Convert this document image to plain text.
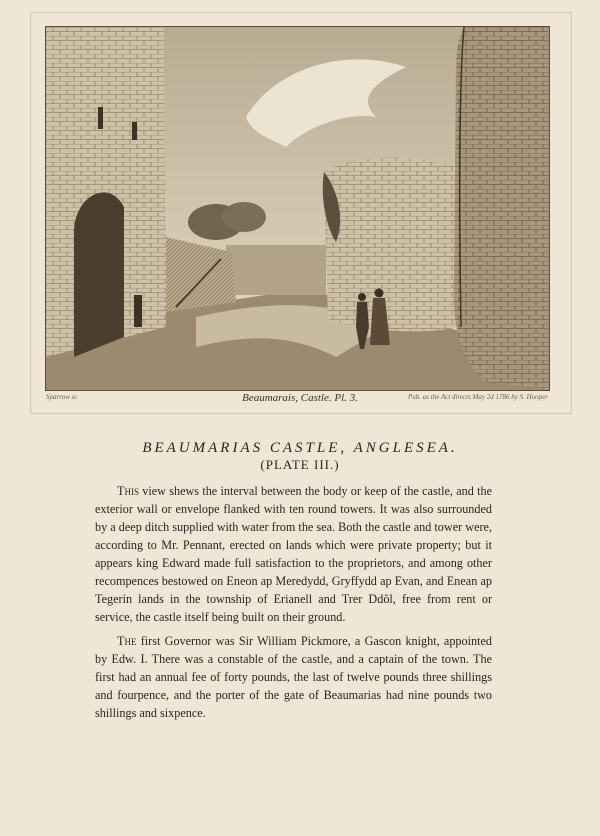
Sparrow sc	Beaumarais, Castle. Pl. 3.	Pub. as the Act directs May 2d 1786 by S. Hooper
BEAUMARIAS CASTLE, ANGLESEA.
(PLATE III.)

This view shews the interval between the body or keep of the castle, and the exterior wall or envelope flanked with ten round towers. It was also surrounded by a deep ditch supplied with water from the sea. Both the castle and tower were, according to Mr. Pennant, erected on lands which were private property; but it appears king Edward made full satisfaction to the proprietors, and among other recompences bestowed on Eneon ap Meredydd, Gryffydd ap Evan, and Enean ap Tegerin lands in the township of Erianell and Trer Ddôl, free from rent or service, the castle itself being built on their ground.

The first Governor was Sir William Pickmore, a Gascon knight, appointed by Edw. I. There was a constable of the castle, and a captain of the town. The first had an annual fee of forty pounds, the last of twelve pounds three shillings and fourpence, and the porter of the gate of Beaumarias had nine pounds two shillings and sixpence.
